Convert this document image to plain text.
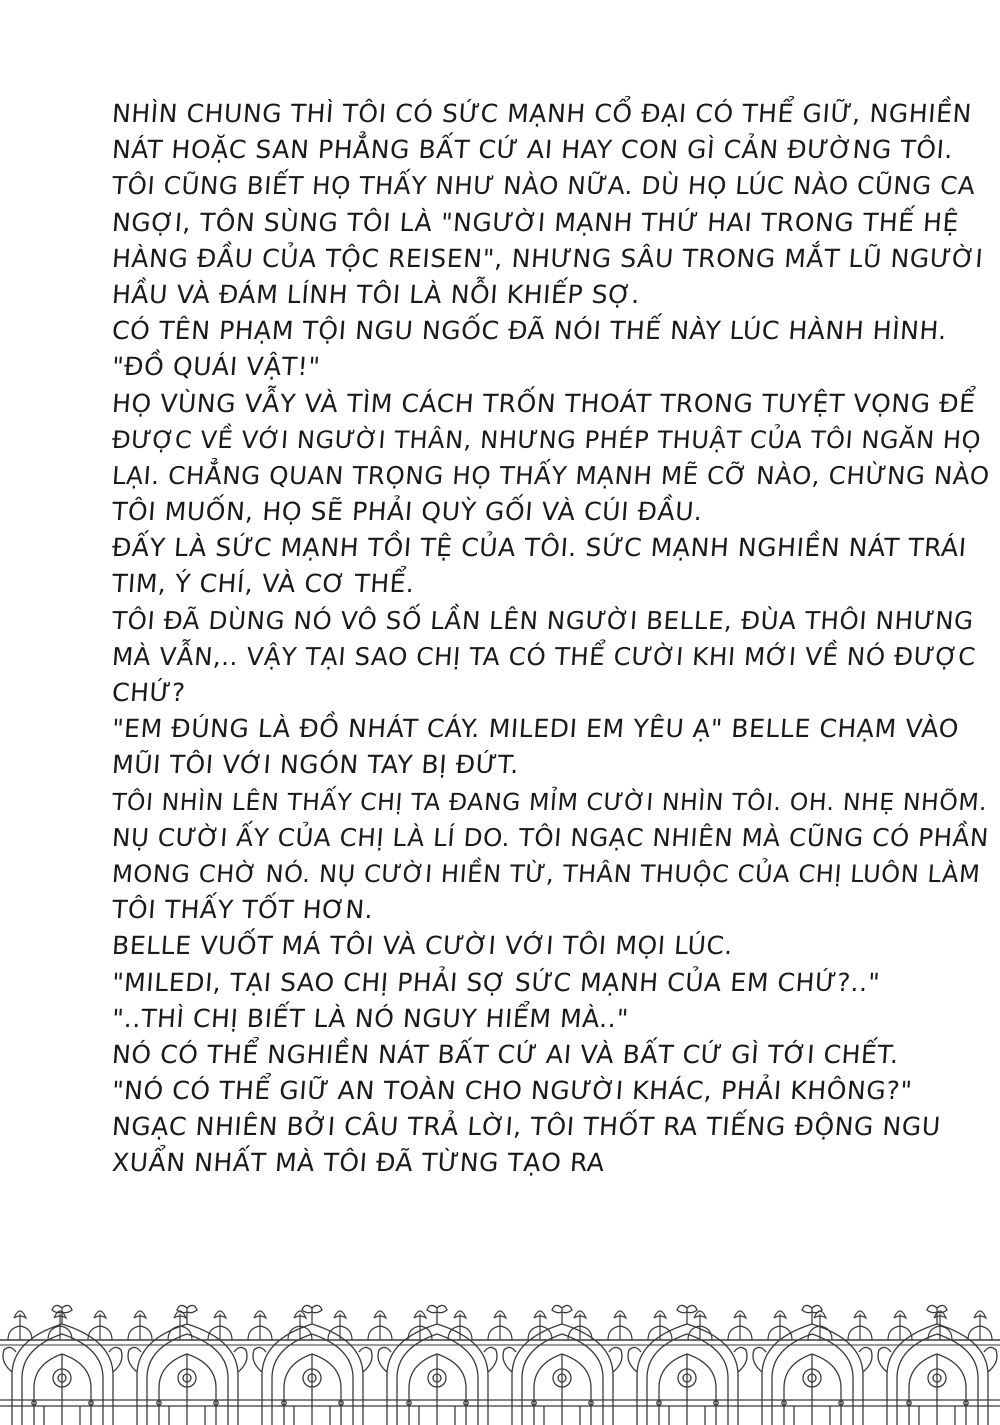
NHÌN CHUNG THÌ TÔI CÓ SỨC MẠNH CỔ ĐẠI CÓ THỂ GIỮ, NGHIỀN
NÁT HOẶC SAN PHẲNG BẤT CỨ AI HAY CON GÌ CẢN ĐƯỜNG TÔI.
TÔI CŨNG BIẾT HỌ THẤY NHƯ NÀO NỮA. DÙ HỌ LÚC NÀO CŨNG CA
NGỢI, TÔN SÙNG TÔI LÀ "NGƯỜI MẠNH THỨ HAI TRONG THẾ HỆ
HÀNG ĐẦU CỦA TỘC REISEN", NHƯNG SÂU TRONG MẮT LŨ NGƯỜI
HẦU VÀ ĐÁM LÍNH TÔI LÀ NỖI KHIẾP SỢ.
CÓ TÊN PHẠM TỘI NGU NGỐC ĐÃ NÓI THẾ NÀY LÚC HÀNH HÌNH.
"ĐỒ QUÁI VẬT!"
HỌ VÙNG VẪY VÀ TÌM CÁCH TRỐN THOÁT TRONG TUYỆT VỌNG ĐỂ
ĐƯỢC VỀ VỚI NGƯỜI THÂN, NHƯNG PHÉP THUẬT CỦA TÔI NGĂN HỌ
LẠI. CHẲNG QUAN TRỌNG HỌ THẤY MẠNH MẼ CỠ NÀO, CHỪNG NÀO
TÔI MUỐN, HỌ SẼ PHẢI QUỲ GỐI VÀ CÚI ĐẦU.
ĐẤY LÀ SỨC MẠNH TỒI TỆ CỦA TÔI. SỨC MẠNH NGHIỀN NÁT TRÁI
TIM, Ý CHÍ, VÀ CƠ THỂ.
TÔI ĐÃ DÙNG NÓ VÔ SỐ LẦN LÊN NGƯỜI BELLE, ĐÙA THÔI NHƯNG
MÀ VẪN,.. VẬY TẠI SAO CHỊ TA CÓ THỂ CƯỜI KHI MỚI VỀ NÓ ĐƯỢC
CHỨ?
"EM ĐÚNG LÀ ĐỒ NHÁT CÁY. MILEDI EM YÊU Ạ" BELLE CHẠM VÀO
MŨI TÔI VỚI NGÓN TAY BỊ ĐỨT.
TÔI NHÌN LÊN THẤY CHỊ TA ĐANG MỈM CƯỜI NHÌN TÔI. OH. NHẸ NHÕM.
NỤ CƯỜI ẤY CỦA CHỊ LÀ LÍ DO. TÔI NGẠC NHIÊN MÀ CŨNG CÓ PHẦN
MONG CHỜ NÓ. NỤ CƯỜI HIỀN TỪ, THÂN THUỘC CỦA CHỊ LUÔN LÀM
TÔI THẤY TỐT HƠN.
BELLE VUỐT MÁ TÔI VÀ CƯỜI VỚI TÔI MỌI LÚC.
"MILEDI, TẠI SAO CHỊ PHẢI SỢ SỨC MẠNH CỦA EM CHỨ?.."
"..THÌ CHỊ BIẾT LÀ NÓ NGUY HIỂM MÀ.."
NÓ CÓ THỂ NGHIỀN NÁT BẤT CỨ AI VÀ BẤT CỨ GÌ TỚI CHẾT.
"NÓ CÓ THỂ GIỮ AN TOÀN CHO NGƯỜI KHÁC, PHẢI KHÔNG?"
NGẠC NHIÊN BỞI CÂU TRẢ LỜI, TÔI THỐT RA TIẾNG ĐỘNG NGU
XUẨN NHẤT MÀ TÔI ĐÃ TỪNG TẠO RA
